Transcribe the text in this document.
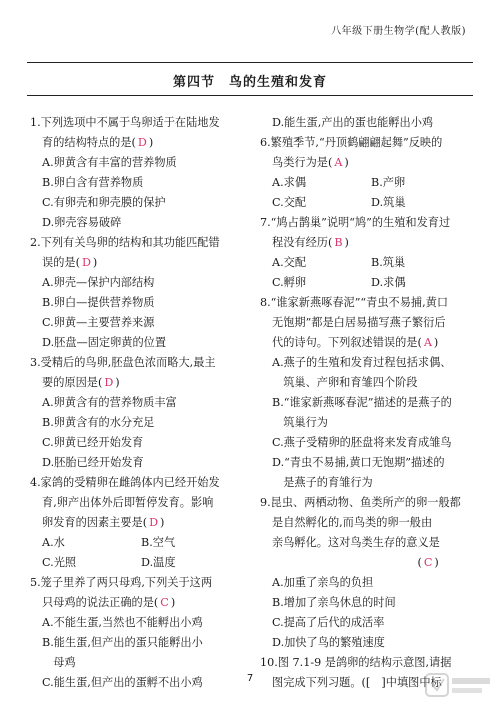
八年级下册生物学(配人教版)
第四节　鸟的生殖和发育
1.下列选项中不属于鸟卵适于在陆地发
育的结构特点的是( D )
A.卵黄含有丰富的营养物质
B.卵白含有营养物质
C.有卵壳和卵壳膜的保护
D.卵壳容易破碎
2.下列有关鸟卵的结构和其功能匹配错
误的是( D )
A.卵壳—保护内部结构
B.卵白—提供营养物质
C.卵黄—主要营养来源
D.胚盘—固定卵黄的位置
3.受精后的鸟卵,胚盘色浓而略大,最主
要的原因是( D )
A.卵黄含有的营养物质丰富
B.卵黄含有的水分充足
C.卵黄已经开始发育
D.胚胎已经开始发育
4.家鸽的受精卵在雌鸽体内已经开始发
育,卵产出体外后即暂停发育。影响
卵发育的因素主要是( D )
A.水	B.空气
C.光照	D.温度
5.笼子里养了两只母鸡,下列关于这两
只母鸡的说法正确的是( C )
A.不能生蛋,当然也不能孵出小鸡
B.能生蛋,但产出的蛋只能孵出小
　母鸡
C.能生蛋,但产出的蛋孵不出小鸡
D.能生蛋,产出的蛋也能孵出小鸡
6.繁殖季节,“丹顶鹤翩翩起舞”反映的
鸟类行为是( A )
A.求偶	B.产卵
C.交配	D.筑巢
7.“鸠占鹊巢”说明“鸠”的生殖和发育过
程没有经历( B )
A.交配	B.筑巢
C.孵卵	D.求偶
8.“谁家新燕啄春泥”“青虫不易捕,黄口
无饱期”都是白居易描写燕子繁衍后
代的诗句。下列叙述错误的是( A )
A.燕子的生殖和发育过程包括求偶、
　筑巢、产卵和育雏四个阶段
B.“谁家新燕啄春泥”描述的是燕子的
　筑巢行为
C.燕子受精卵的胚盘将来发育成雏鸟
D.“青虫不易捕,黄口无饱期”描述的
　是燕子的育雏行为
9.昆虫、两栖动物、鱼类所产的卵一般都
是自然孵化的,而鸟类的卵一般由
亲鸟孵化。这对鸟类生存的意义是
　　　　　　　　　　　　　( C )
A.加重了亲鸟的负担
B.增加了亲鸟休息的时间
C.提高了后代的成活率
D.加快了鸟的繁殖速度
10.图 7.1-9 是鸽卵的结构示意图,请据
图完成下列习题。([　]中填图中标
7
